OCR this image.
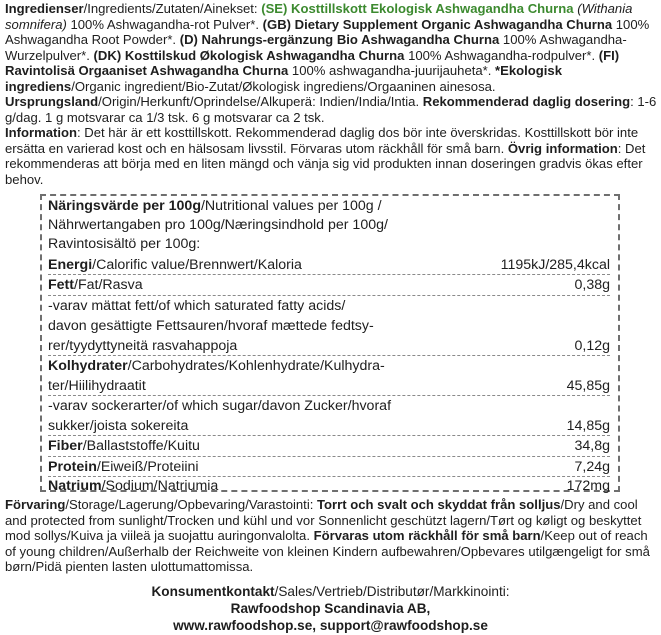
Ingredienser/Ingredients/Zutaten/Ainekset: (SE) Kosttillskott Ekologisk Ashwagandha Churna (Withania somnifera) 100% Ashwagandha-rot Pulver*. (GB) Dietary Supplement Organic Ashwagandha Churna 100% Ashwagandha Root Powder*. (D) Nahrungs-ergänzung Bio Ashwagandha Churna 100% Ashwagandha-Wurzelpulver*. (DK) Kosttilskud Økologisk Ashwagandha Churna 100% Ashwagandha-rodpulver*. (FI) Ravintolisä Orgaaniset Ashwagandha Churna 100% ashwagandha-juurijauheta*. *Ekologisk ingrediens/Organic ingredient/Bio-Zutat/Økologisk ingrediens/Orgaaninen ainesosa. Ursprungsland/Origin/Herkunft/Oprindelse/Alkuperä: Indien/India/Intia. Rekommenderad daglig dosering: 1-6 g/dag. 1 g motsvarar ca 1/3 tsk. 6 g motsvarar ca 2 tsk.
Information: Det här är ett kosttillskott. Rekommenderad daglig dos bör inte överskridas. Kosttillskott bör inte ersätta en varierad kost och en hälsosam livsstil. Förvaras utom räckhåll för små barn. Övrig information: Det rekommenderas att börja med en liten mängd och vänja sig vid produkten innan doseringen gradvis ökas efter behov.
Näringsvärde per 100g/Nutritional values per 100g /
Nährwertangaben pro 100g/Næringsindhold per 100g/
Ravintosisältö per 100g:
Energi/Calorific value/Brennwert/Kaloria	1195kJ/285,4kcal
Fett/Fat/Rasva	0,38g
-varav mättat fett/of which saturated fatty acids/
davon gesättigte Fettsauren/hvoraf mættede fedtsy-
rer/tyydyttyneitä rasvahappoja	0,12g
Kolhydrater/Carbohydrates/Kohlenhydrate/Kulhydra-
ter/Hiilihydraatit	45,85g
-varav sockerarter/of which sugar/davon Zucker/hvoraf
sukker/joista sokereita	14,85g
Fiber/Ballaststoffe/Kuitu	34,8g
Protein/Eiweiß/Proteiini	7,24g
Natrium/Sodium/Natriumia	172mg
Förvaring/Storage/Lagerung/Opbevaring/Varastointi: Torrt och svalt och skyddat från solljus/Dry and cool and protected from sunlight/Trocken und kühl und vor Sonnenlicht geschützt lagern/Tørt og køligt og beskyttet mod sollys/Kuiva ja viileä ja suojattu auringonvalolta. Förvaras utom räckhåll för små barn/Keep out of reach of young children/Außerhalb der Reichweite von kleinen Kindern aufbewahren/Opbevares utilgængeligt for små børn/Pidä pienten lasten ulottumattomissa.
Konsumentkontakt/Sales/Vertrieb/Distributør/Markkinointi:
Rawfoodshop Scandinavia AB,
www.rawfoodshop.se, support@rawfoodshop.se
